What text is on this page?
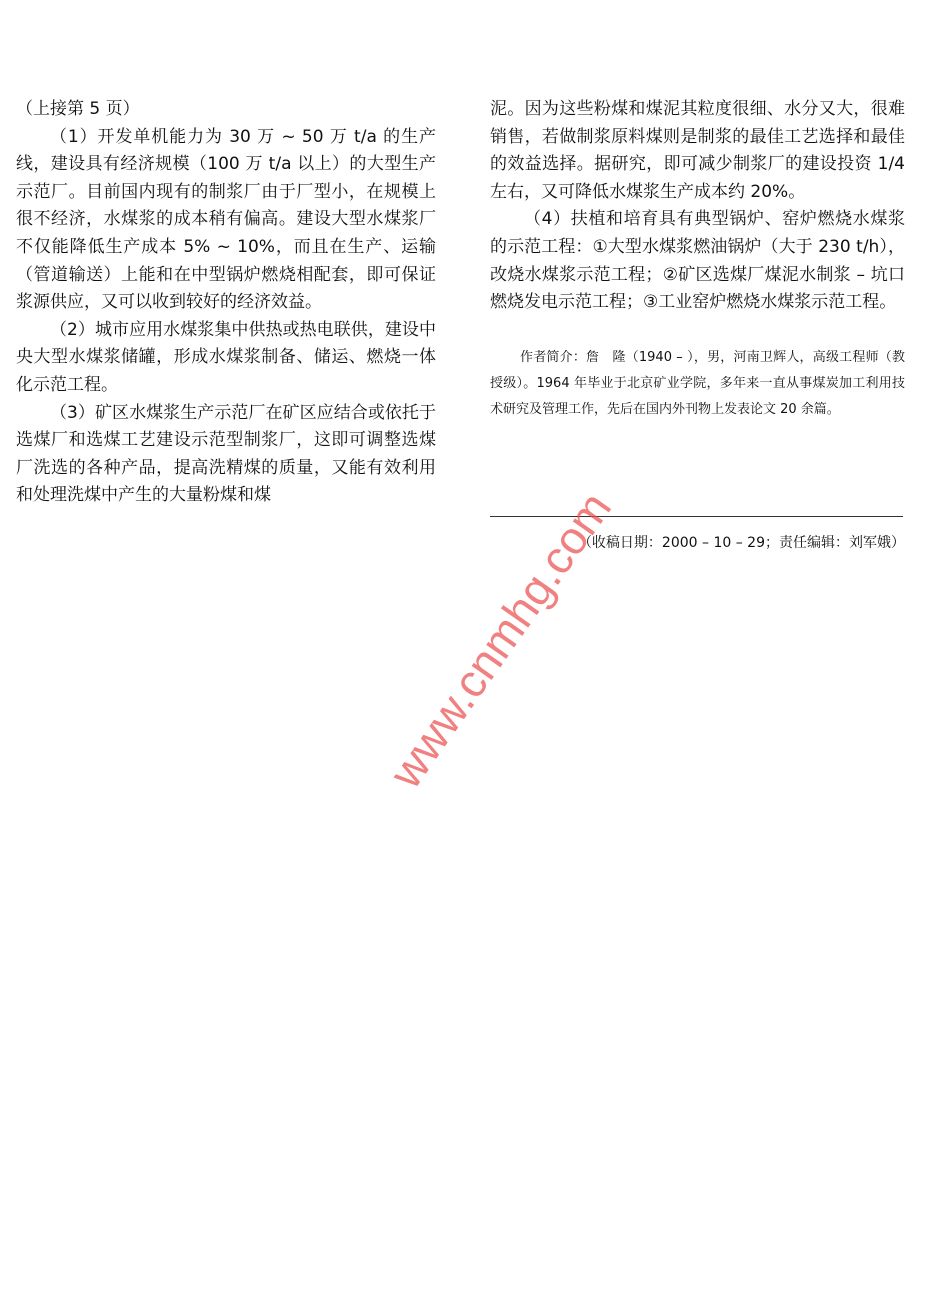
（上接第 5 页）

（1）开发单机能力为 30 万 ~ 50 万 t/a 的生产线，建设具有经济规模（100 万 t/a 以上）的大型生产示范厂。目前国内现有的制浆厂由于厂型小，在规模上很不经济，水煤浆的成本稍有偏高。建设大型水煤浆厂不仅能降低生产成本 5% ~ 10%，而且在生产、运输（管道输送）上能和在中型锅炉燃烧相配套，即可保证浆源供应，又可以收到较好的经济效益。

（2）城市应用水煤浆集中供热或热电联供，建设中央大型水煤浆储罐，形成水煤浆制备、储运、燃烧一体化示范工程。

（3）矿区水煤浆生产示范厂在矿区应结合或依托于选煤厂和选煤工艺建设示范型制浆厂，这即可调整选煤厂洗选的各种产品，提高洗精煤的质量，又能有效利用和处理洗煤中产生的大量粉煤和煤

泥。因为这些粉煤和煤泥其粒度很细、水分又大，很难销售，若做制浆原料煤则是制浆的最佳工艺选择和最佳的效益选择。据研究，即可减少制浆厂的建设投资 1/4 左右，又可降低水煤浆生产成本约 20%。

（4）扶植和培育具有典型锅炉、窑炉燃烧水煤浆的示范工程：①大型水煤浆燃油锅炉（大于 230 t/h），改烧水煤浆示范工程；②矿区选煤厂煤泥水制浆 – 坑口燃烧发电示范工程；③工业窑炉燃烧水煤浆示范工程。

作者简介：詹　隆（1940 – ），男，河南卫辉人，高级工程师（教授级）。1964 年毕业于北京矿业学院，多年来一直从事煤炭加工利用技术研究及管理工作，先后在国内外刊物上发表论文 20 余篇。

（收稿日期：2000 – 10 – 29；责任编辑：刘军娥）
www.cnmhg.com
